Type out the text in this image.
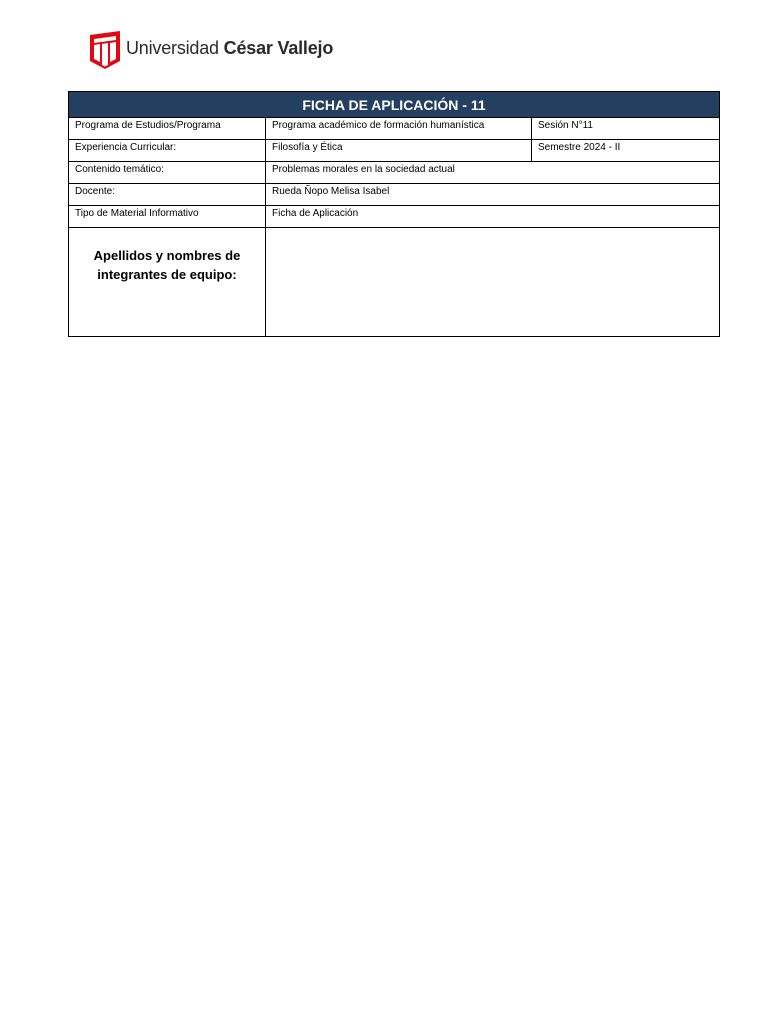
Universidad César Vallejo
FICHA DE APLICACIÓN - 11		
Programa de Estudios/Programa	Programa académico de formación humanística	Sesión N°11
Experiencia Curricular:	Filosofía y Ética	Semestre 2024 - II
Contenido temático:	Problemas morales en la sociedad actual	
Docente:	Rueda Ñopo Melisa Isabel	
Tipo de Material Informativo	Ficha de Aplicación	
Apellidos y nombres de integrantes de equipo:		
